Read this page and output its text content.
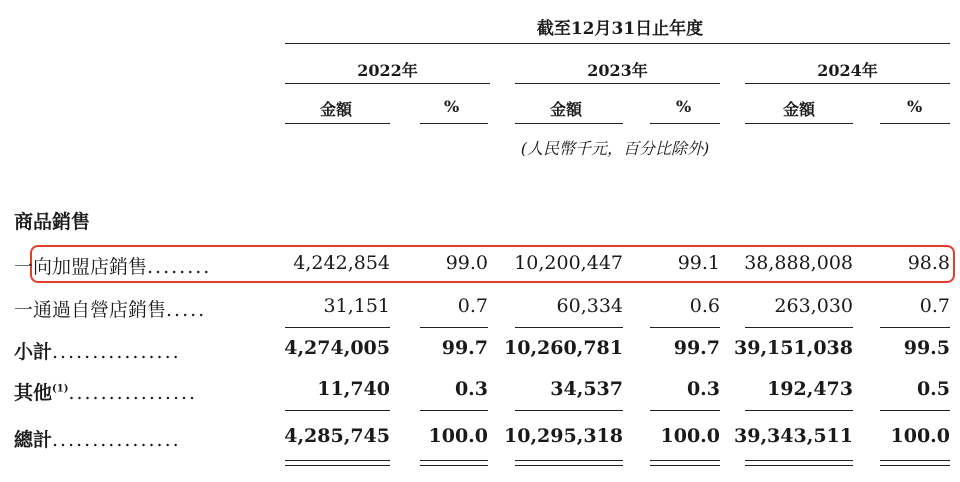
截至12月31日止年度
2022年	2023年	2024年
金額	%	金額	%	金額	%
(人民幣千元，百分比除外)
商品銷售
一向加盟店銷售........	4,242,854	99.0 10,200,447	99.1 38,888,008	98.8
一通過自營店銷售.....	31,151	0.7	60,334	0.6	263,030	0.7
小計................	4,274,005	99.7 10,260,781	99.7 39,151,038	99.5
其他$^{(1)}$................	11,740	0.3	34,537	0.3 192,473	0.5
總計................	4,285,745 100.0 10,295,318 100.0 39,343,511 100.0
